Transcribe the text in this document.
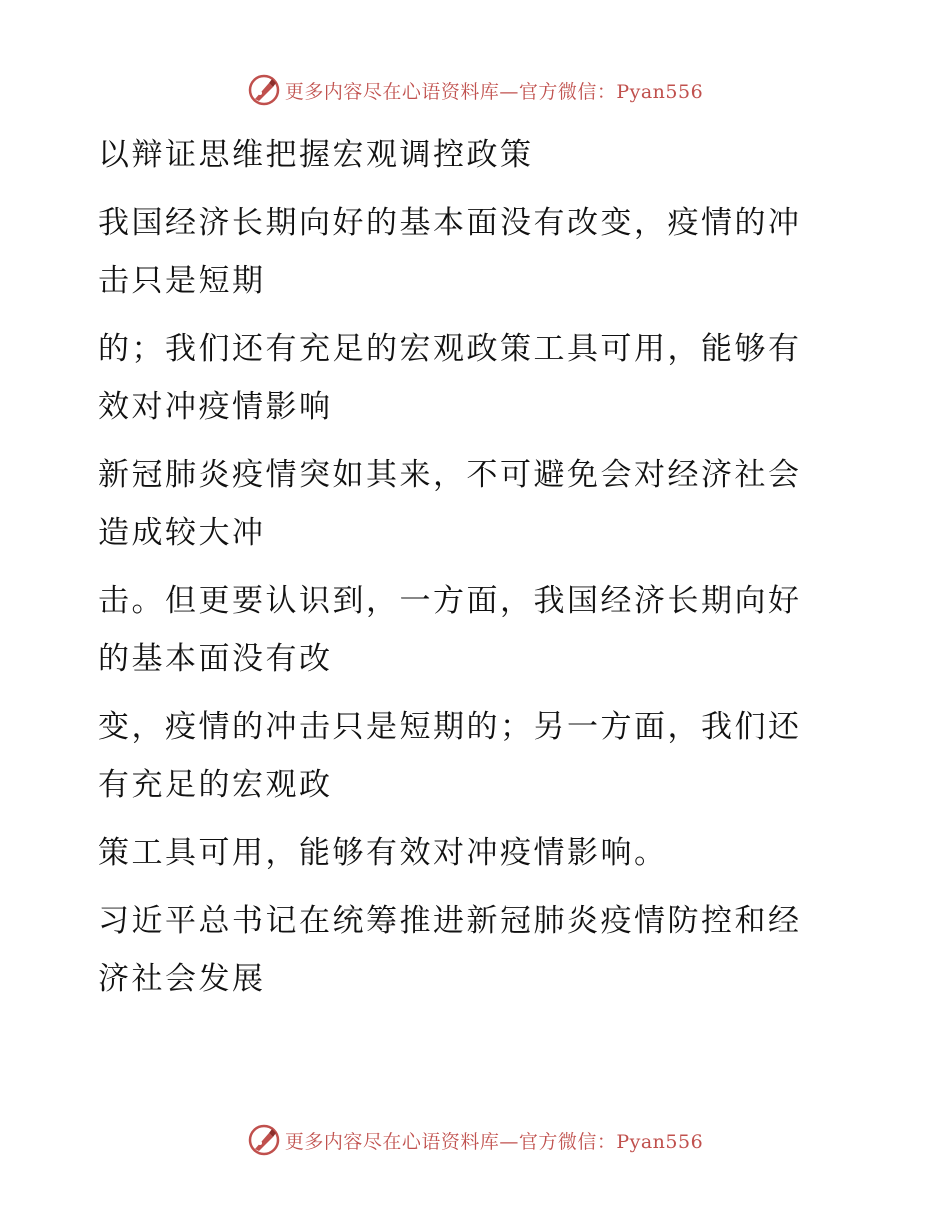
更多内容尽在心语资料库—官方微信：Pyan556

以辩证思维把握宏观调控政策

我国经济长期向好的基本面没有改变，疫情的冲击只是短期

的；我们还有充足的宏观政策工具可用，能够有效对冲疫情影响

新冠肺炎疫情突如其来，不可避免会对经济社会造成较大冲

击。但更要认识到，一方面，我国经济长期向好的基本面没有改

变，疫情的冲击只是短期的；另一方面，我们还有充足的宏观政

策工具可用，能够有效对冲疫情影响。

习近平总书记在统筹推进新冠肺炎疫情防控和经济社会发展

更多内容尽在心语资料库—官方微信：Pyan556
